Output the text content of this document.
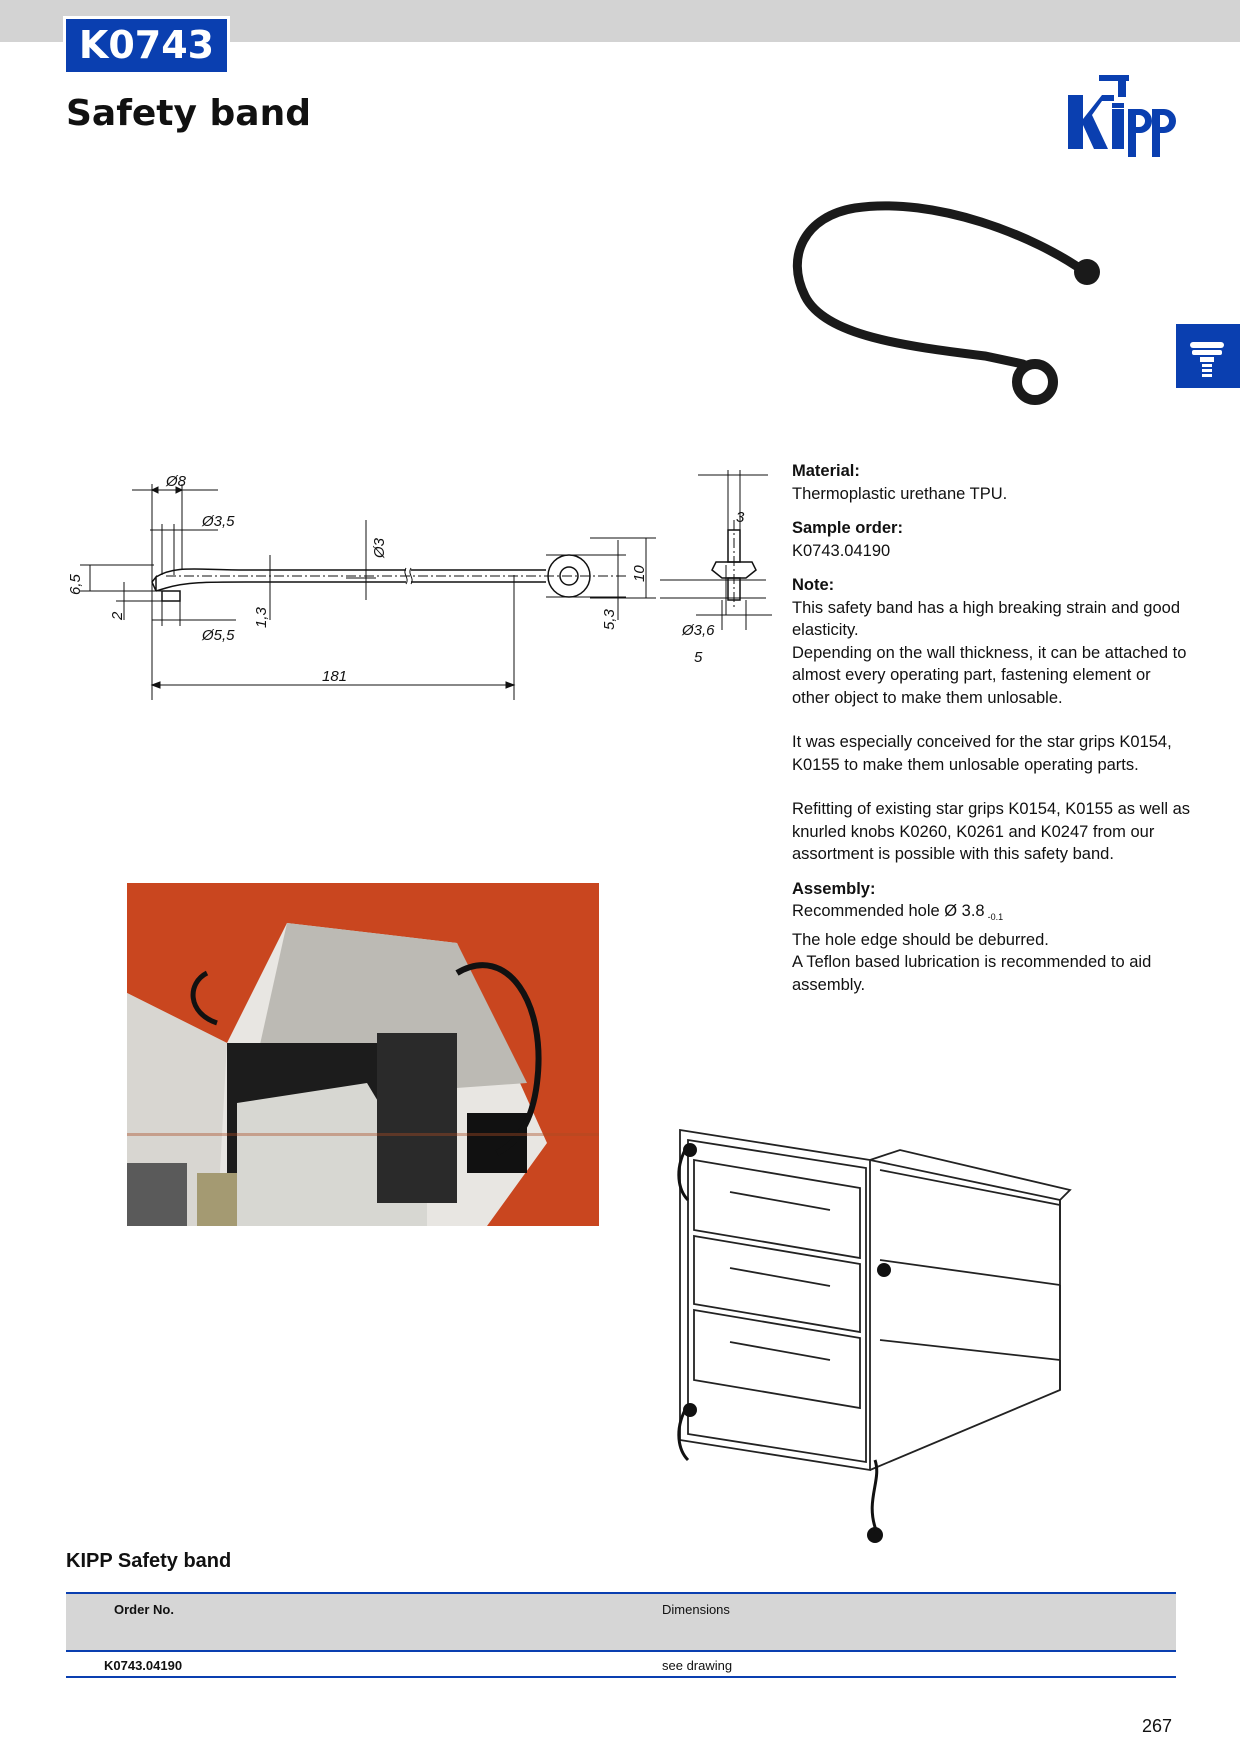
K0743
Safety band
Ø8
Ø3,5
Ø5,5
Ø3
6,5
2	1,3
181
5,3
10
3
Ø3,6
5
Material:

Thermoplastic urethane TPU.

Sample order:

K0743.04190

Note:

This safety band has a high breaking strain and good elasticity.

Depending on the wall thickness, it can be attached to almost every operating part, fastening element or other object to make them unlosable.

It was especially conceived for the star grips K0154, K0155 to make them unlosable operating parts.

Refitting of existing star grips K0154, K0155 as well as knurled knobs K0260, K0261 and K0247 from our assortment is possible with this safety band.

Assembly:

Recommended hole Ø 3.8 $_{-0.1}$

The hole edge should be deburred.

A Teflon based lubrication is recommended to aid assembly.

KIPP Safety band
Order No.	Dimensions
K0743.04190	see drawing
267
